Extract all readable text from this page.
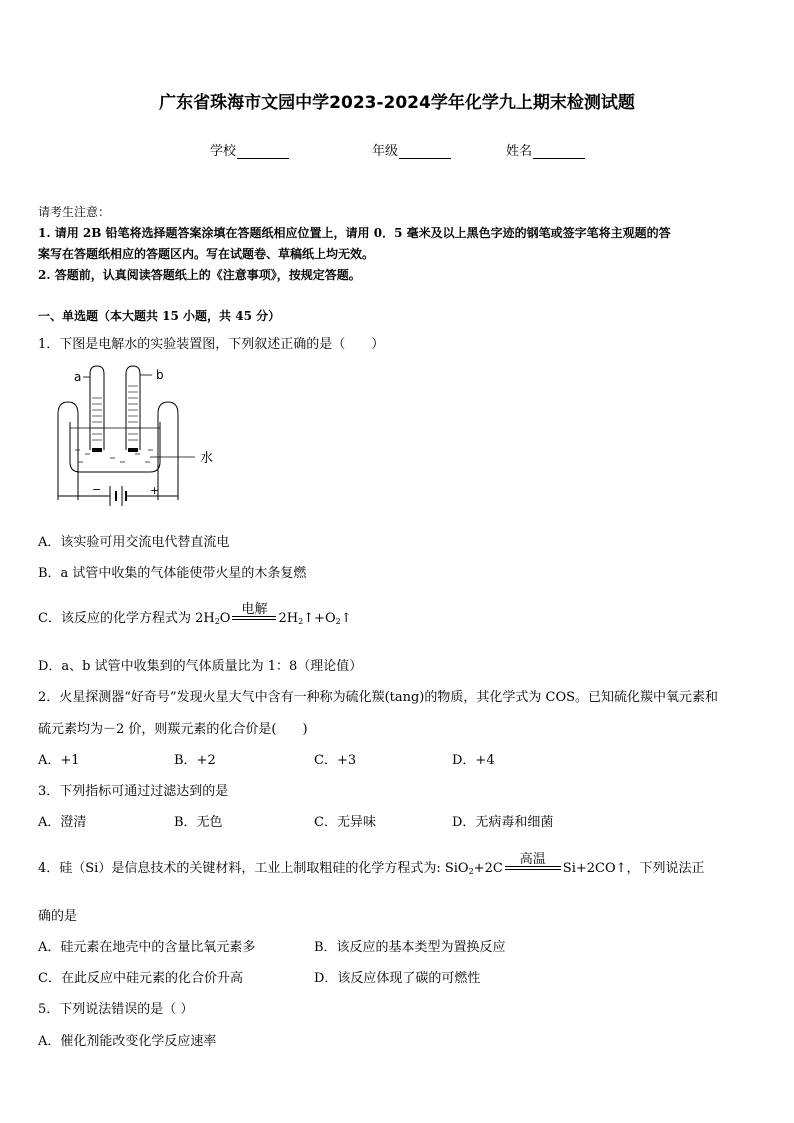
广东省珠海市文园中学2023-2024学年化学九上期末检测试题
学校	年级	姓名
请考生注意：
1. 请用 2B 铅笔将选择题答案涂填在答题纸相应位置上，请用 0．5 毫米及以上黑色字迹的钢笔或签字笔将主观题的答
案写在答题纸相应的答题区内。写在试题卷、草稿纸上均无效。
2. 答题前，认真阅读答题纸上的《注意事项》，按规定答题。
一、单选题（本大题共 15 小题，共 45 分）
1．下图是电解水的实验装置图，下列叙述正确的是（　　）
a	b
水
−	+
A．该实验可用交流电代替直流电
B．a 试管中收集的气体能使带火星的木条复燃
C．该反应的化学方程式为 $2H_2O$
电解
$2H_2↑+O_2↑$
D．a、b 试管中收集到的气体质量比为 1：8（理论值）
2．火星探测器“好奇号”发现火星大气中含有一种称为硫化羰(tang)的物质，其化学式为 COS。已知硫化羰中氧元素和
硫元素均为－2 价，则羰元素的化合价是(　　)
A．+1	B．+2	C．+3	D．+4
3．下列指标可通过过滤达到的是
A．澄清	B．无色	C．无异味	D．无病毒和细菌
4．硅（Si）是信息技术的关键材料，工业上制取粗硅的化学方程式为: SiO$_2$+2C
高温
Si+2CO↑，下列说法正
确的是
A．硅元素在地壳中的含量比氧元素多	B．该反应的基本类型为置换反应
C．在此反应中硅元素的化合价升高	D．该反应体现了碳的可燃性
5．下列说法错误的是（ ）
A．催化剂能改变化学反应速率
